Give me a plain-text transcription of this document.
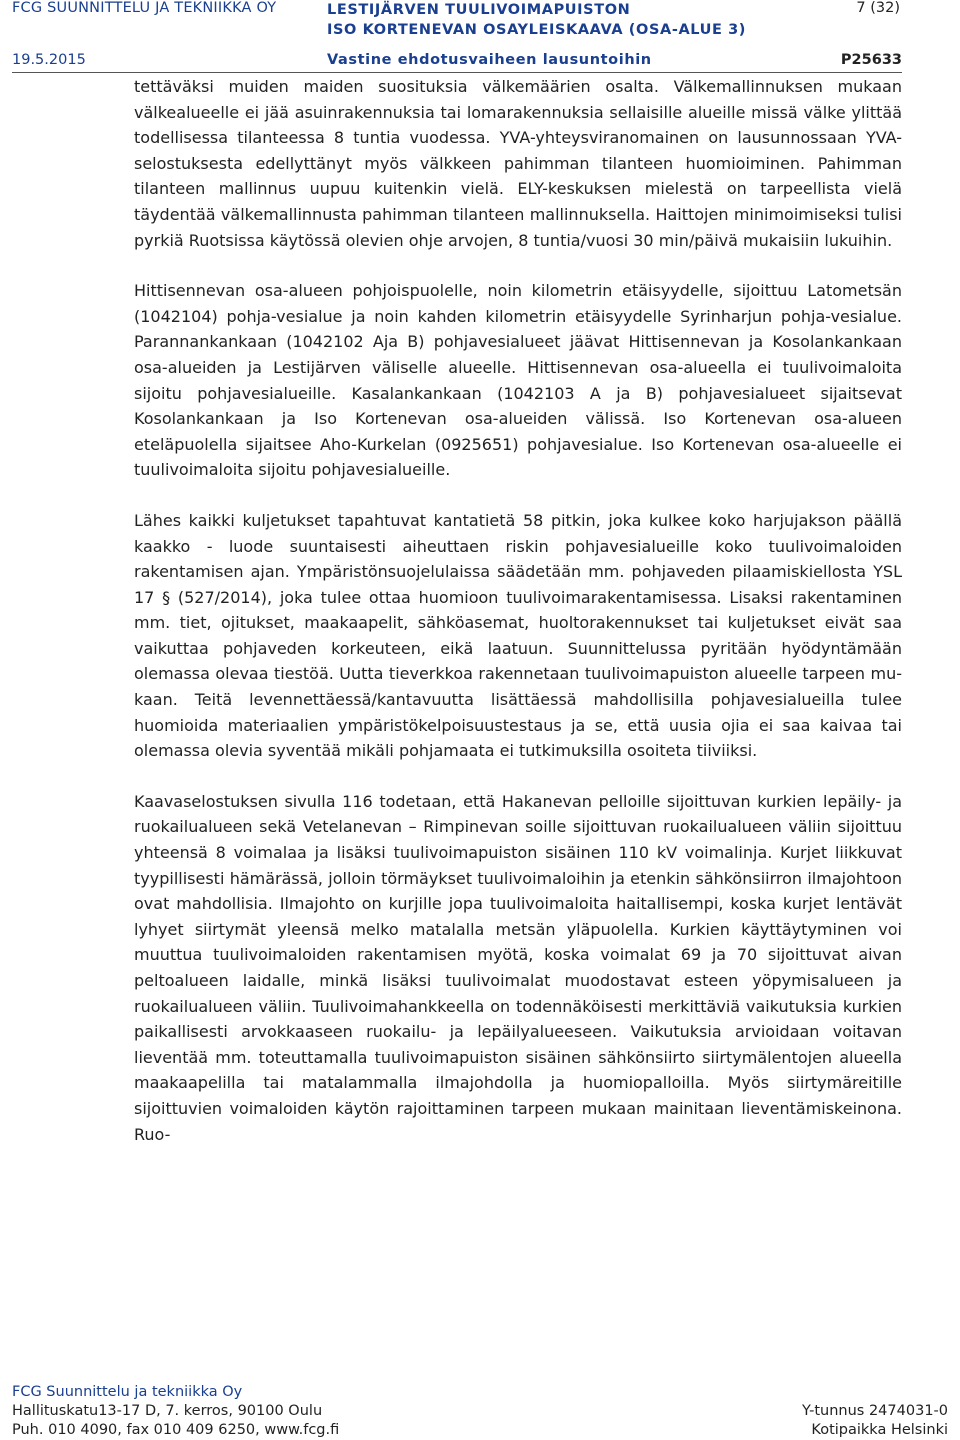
FCG SUUNNITTELU JA TEKNIIKKA OY	LESTIJÄRVEN TUULIVOIMAPUISTON
ISO KORTENEVAN OSAYLEISKAAVA (OSA-ALUE 3)
7 (32)
19.5.2015	Vastine ehdotusvaiheen lausuntoihin	P25633

tettäväksi muiden maiden suosituksia välkemäärien osalta. Välkemallinnuksen mukaan välkealueelle ei jää asuinrakennuksia tai lomarakennuksia sellaisille alueille missä välke ylittää todellisessa tilanteessa 8 tuntia vuodessa. YVA-yhteysviranomainen on lausunnossaan YVA-selostuksesta edellyttänyt myös välkkeen pahimman tilanteen huomioiminen. Pahimman tilanteen mallinnus uupuu kuitenkin vielä. ELY-keskuksen mielestä on tarpeellista vielä täydentää välkemallinnusta pahimman tilanteen mallinnuksella. Haittojen minimoimiseksi tulisi pyrkiä Ruotsissa käytössä olevien ohje arvojen, 8 tuntia/vuosi 30 min/päivä mukaisiin lukuihin.

Hittisennevan osa-alueen pohjoispuolelle, noin kilometrin etäisyydelle, sijoittuu Latometsän (1042104) pohja-vesialue ja noin kahden kilometrin etäisyydelle Syrinharjun pohja-vesialue. Parannankankaan (1042102 Aja B) pohjavesialueet jäävat Hittisennevan ja Kosolankankaan osa-alueiden ja Lestijärven väliselle alueelle. Hittisennevan osa-alueella ei tuulivoimaloita sijoitu pohjavesialueille. Kasalankankaan (1042103 A ja B) pohjavesialueet sijaitsevat Kosolankankaan ja Iso Kortenevan osa-alueiden välissä. Iso Kortenevan osa-alueen eteläpuolella sijaitsee Aho-Kurkelan (0925651) pohjavesialue. Iso Kortenevan osa-alueelle ei tuulivoimaloita sijoitu pohjavesialueille.

Lähes kaikki kuljetukset tapahtuvat kantatietä 58 pitkin, joka kulkee koko harjujakson päällä kaakko - luode suuntaisesti aiheuttaen riskin pohjavesialueille koko tuulivoimaloiden rakentamisen ajan. Ympäristönsuojelulaissa säädetään mm. pohjaveden pilaamiskiellosta YSL 17 § (527/2014), joka tulee ottaa huomioon tuulivoimarakentamisessa. Lisaksi rakentaminen mm. tiet, ojitukset, maakaapelit, sähköasemat, huoltorakennukset tai kuljetukset eivät saa vaikuttaa pohjaveden korkeuteen, eikä laatuun. Suunnittelussa pyritään hyödyntämään olemassa olevaa tiestöä. Uutta tieverkkoa rakennetaan tuulivoimapuiston alueelle tarpeen mukaan. Teitä levennettäessä/kantavuutta lisättäessä mahdollisilla pohjavesialueilla tulee huomioida materiaalien ympäristökelpoisuustestaus ja se, että uusia ojia ei saa kaivaa tai olemassa olevia syventää mikäli pohjamaata ei tutkimuksilla osoiteta tiiviiksi.

Kaavaselostuksen sivulla 116 todetaan, että Hakanevan pelloille sijoittuvan kurkien lepäily- ja ruokailualueen sekä Vetelanevan – Rimpinevan soille sijoittuvan ruokailualueen väliin sijoittuu yhteensä 8 voimalaa ja lisäksi tuulivoimapuiston sisäinen 110 kV voimalinja. Kurjet liikkuvat tyypillisesti hämärässä, jolloin törmäykset tuulivoimaloihin ja etenkin sähkönsiirron ilmajohtoon ovat mahdollisia. Ilmajohto on kurjille jopa tuulivoimaloita haitallisempi, koska kurjet lentävät lyhyet siirtymät yleensä melko matalalla metsän yläpuolella. Kurkien käyttäytyminen voi muuttua tuulivoimaloiden rakentamisen myötä, koska voimalat 69 ja 70 sijoittuvat aivan peltoalueen laidalle, minkä lisäksi tuulivoimalat muodostavat esteen yöpymisalueen ja ruokailualueen väliin. Tuulivoimahankkeella on todennäköisesti merkittäviä vaikutuksia kurkien paikallisesti arvokkaaseen ruokailu- ja lepäilyalueeseen. Vaikutuksia arvioidaan voitavan lieventää mm. toteuttamalla tuulivoimapuiston sisäinen sähkönsiirto siirtymälentojen alueella maakaapelilla tai matalammalla ilmajohdolla ja huomiopalloilla. Myös siirtymäreitille sijoittuvien voimaloiden käytön rajoittaminen tarpeen mukaan mainitaan lieventämiskeinona. Ruo-

FCG Suunnittelu ja tekniikka Oy
Hallituskatu13-17 D, 7. kerros, 90100 Oulu
Puh. 010 4090, fax 010 409 6250, www.fcg.fi
Y-tunnus 2474031-0
Kotipaikka Helsinki
